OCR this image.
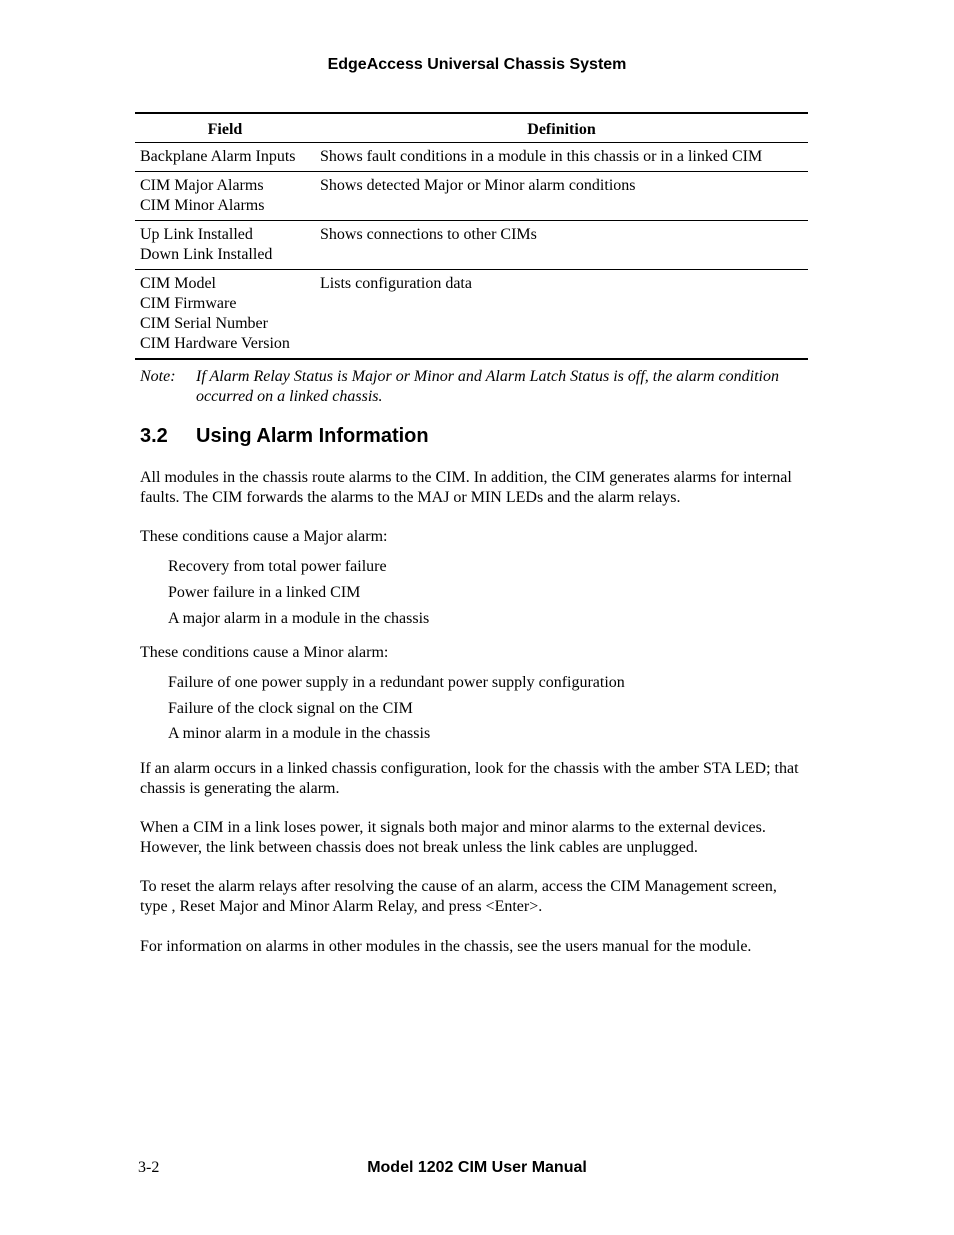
EdgeAccess Universal Chassis System
Field	Definition

Backplane Alarm Inputs	Shows fault conditions in a module in this chassis or in a linked CIM

CIM Major Alarms
CIM Minor Alarms	Shows detected Major or Minor alarm conditions

Up Link Installed
Down Link Installed	Shows connections to other CIMs

CIM Model
CIM Firmware
CIM Serial Number
CIM Hardware Version	Lists configuration data
Note: If Alarm Relay Status is Major or Minor and Alarm Latch Status is off, the alarm condition occurred on a linked chassis.
3.2 Using Alarm Information
All modules in the chassis route alarms to the CIM. In addition, the CIM generates alarms for internal faults. The CIM forwards the alarms to the MAJ or MIN LEDs and the alarm relays.
These conditions cause a Major alarm:
Recovery from total power failure
Power failure in a linked CIM
A major alarm in a module in the chassis
These conditions cause a Minor alarm:
Failure of one power supply in a redundant power supply configuration
Failure of the clock signal on the CIM
A minor alarm in a module in the chassis
If an alarm occurs in a linked chassis configuration, look for the chassis with the amber STA LED; that chassis is generating the alarm.
When a CIM in a link loses power, it signals both major and minor alarms to the external devices. However, the link between chassis does not break unless the link cables are unplugged.
To reset the alarm relays after resolving the cause of an alarm, access the CIM Management screen, type , Reset Major and Minor Alarm Relay, and press <Enter>.
For information on alarms in other modules in the chassis, see the users manual for the module.
3-2	Model 1202 CIM User Manual
